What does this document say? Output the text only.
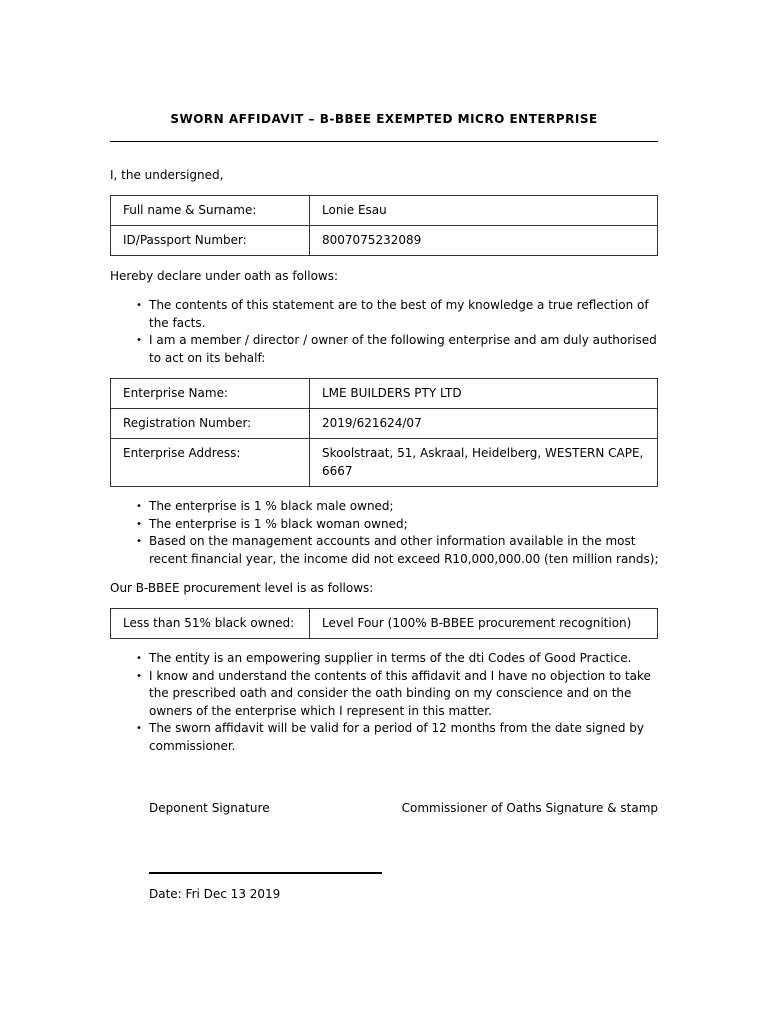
SWORN AFFIDAVIT – B-BBEE EXEMPTED MICRO ENTERPRISE
I, the undersigned,
Full name & Surname:	Lonie Esau
ID/Passport Number:	8007075232089
Hereby declare under oath as follows:
• The contents of this statement are to the best of my knowledge a true reflection of the facts.
• I am a member / director / owner of the following enterprise and am duly authorised to act on its behalf:
Enterprise Name:	LME BUILDERS PTY LTD
Registration Number:	2019/621624/07
Enterprise Address:	Skoolstraat, 51, Askraal, Heidelberg, WESTERN CAPE, 6667
• The enterprise is 1 % black male owned;
• The enterprise is 1 % black woman owned;
• Based on the management accounts and other information available in the most recent financial year, the income did not exceed R10,000,000.00 (ten million rands);
Our B-BBEE procurement level is as follows:
Less than 51% black owned:	Level Four (100% B-BBEE procurement recognition)
• The entity is an empowering supplier in terms of the dti Codes of Good Practice.
• I know and understand the contents of this affidavit and I have no objection to take the prescribed oath and consider the oath binding on my conscience and on the owners of the enterprise which I represent in this matter.
• The sworn affidavit will be valid for a period of 12 months from the date signed by commissioner.
Deponent Signature	Commissioner of Oaths Signature & stamp
Date: Fri Dec 13 2019
